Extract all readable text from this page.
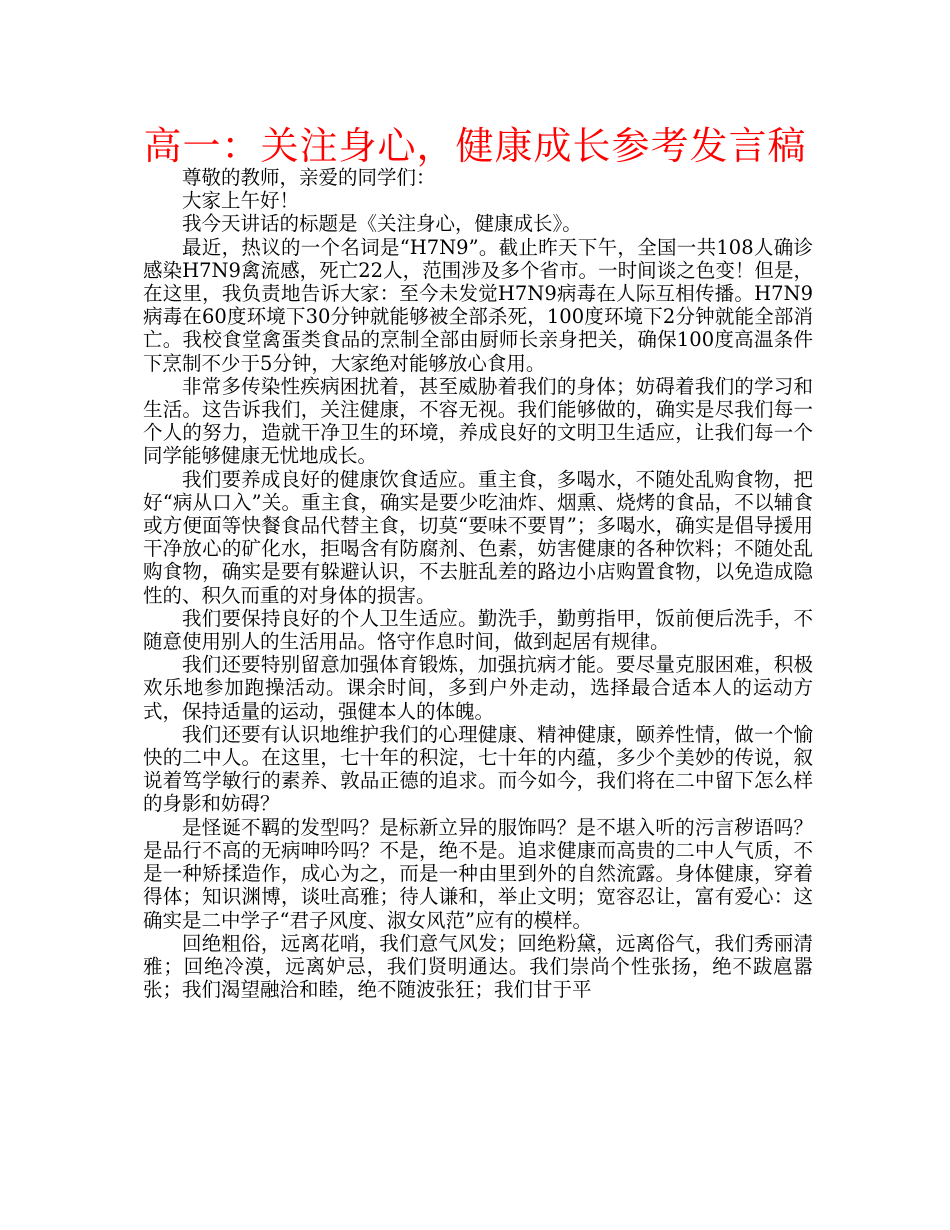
高一：关注身心，健康成长参考发言稿

尊敬的教师，亲爱的同学们：

大家上午好！

我今天讲话的标题是《关注身心，健康成长》。

最近，热议的一个名词是“H7N9”。截止昨天下午，全国一共108人确诊感染H7N9禽流感，死亡22人，范围涉及多个省市。一时间谈之色变！但是，在这里，我负责地告诉大家：至今未发觉H7N9病毒在人际互相传播。H7N9病毒在60度环境下30分钟就能够被全部杀死，100度环境下2分钟就能全部消亡。我校食堂禽蛋类食品的烹制全部由厨师长亲身把关，确保100度高温条件下烹制不少于5分钟，大家绝对能够放心食用。

非常多传染性疾病困扰着，甚至威胁着我们的身体；妨碍着我们的学习和生活。这告诉我们，关注健康，不容无视。我们能够做的，确实是尽我们每一个人的努力，造就干净卫生的环境，养成良好的文明卫生适应，让我们每一个同学能够健康无忧地成长。

我们要养成良好的健康饮食适应。重主食，多喝水，不随处乱购食物，把好“病从口入”关。重主食，确实是要少吃油炸、烟熏、烧烤的食品，不以辅食或方便面等快餐食品代替主食，切莫“要味不要胃”；多喝水，确实是倡导援用干净放心的矿化水，拒喝含有防腐剂、色素，妨害健康的各种饮料；不随处乱购食物，确实是要有躲避认识，不去脏乱差的路边小店购置食物，以免造成隐性的、积久而重的对身体的损害。

我们要保持良好的个人卫生适应。勤洗手，勤剪指甲，饭前便后洗手，不随意使用别人的生活用品。恪守作息时间，做到起居有规律。

我们还要特别留意加强体育锻炼，加强抗病才能。要尽量克服困难，积极欢乐地参加跑操活动。课余时间，多到户外走动，选择最合适本人的运动方式，保持适量的运动，强健本人的体魄。

我们还要有认识地维护我们的心理健康、精神健康，颐养性情，做一个愉快的二中人。在这里，七十年的积淀，七十年的内蕴，多少个美妙的传说，叙说着笃学敏行的素养、敦品正德的追求。而今如今，我们将在二中留下怎么样的身影和妨碍？

是怪诞不羁的发型吗？是标新立异的服饰吗？是不堪入听的污言秽语吗？是品行不高的无病呻吟吗？不是，绝不是。追求健康而高贵的二中人气质，不是一种矫揉造作，成心为之，而是一种由里到外的自然流露。身体健康，穿着得体；知识渊博，谈吐高雅；待人谦和，举止文明；宽容忍让，富有爱心：这确实是二中学子“君子风度、淑女风范”应有的模样。

回绝粗俗，远离花哨，我们意气风发；回绝粉黛，远离俗气，我们秀丽清雅；回绝冷漠，远离妒忌，我们贤明通达。我们崇尚个性张扬，绝不跋扈嚣张；我们渴望融洽和睦，绝不随波张狂；我们甘于平
